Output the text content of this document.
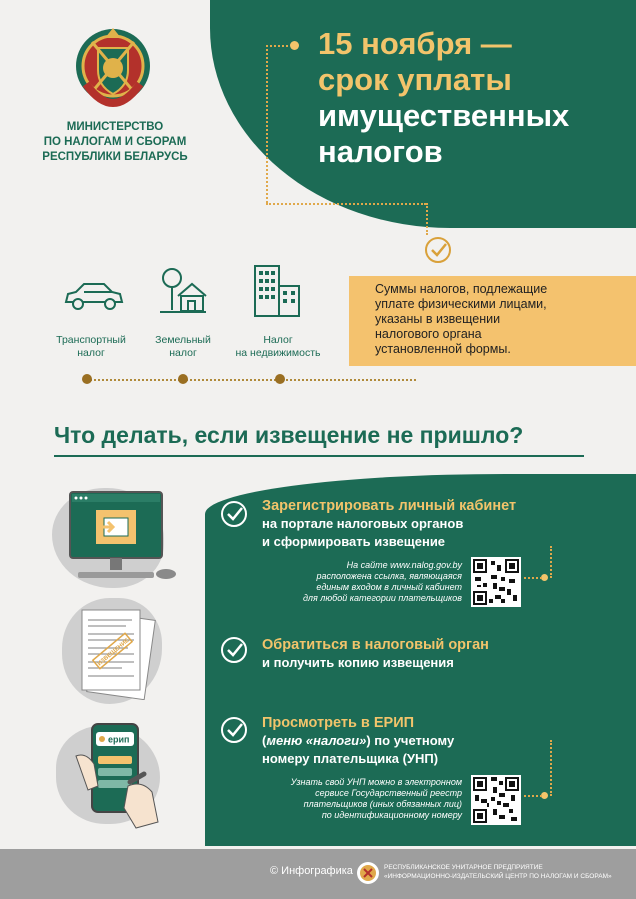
15 ноября —
срок уплаты
имущественных
налогов
МИНИСТЕРСТВО
ПО НАЛОГАМ И СБОРАМ
РЕСПУБЛИКИ БЕЛАРУСЬ
Транспортный
налог
Земельный
налог
Налог
на недвижимость
Суммы налогов, подлежащие
уплате физическими лицами,
указаны в извещении
налогового органа
установленной формы.
Что делать, если извещение не пришло?
Зарегистрировать личный кабинет
на портале налоговых органов
и сформировать извещение
На сайте www.nalog.gov.by
расположена ссылка, являющаяся
единым входом в личный кабинет
для любой категории плательщиков
Обратиться в налоговый орган
и получить копию извещения
Просмотреть в ЕРИП
(меню «налоги») по учетному
номеру плательщика (УНП)
Узнать свой УНП можно в электронном
сервисе Государственный реестр
плательщиков (иных обязанных лиц)
по идентификационному номеру
ИЗВЕЩЕНИЕ
ерип
© Инфографика	РЕСПУБЛИКАНСКОЕ УНИТАРНОЕ ПРЕДПРИЯТИЕ
«ИНФОРМАЦИОННО-ИЗДАТЕЛЬСКИЙ ЦЕНТР ПО НАЛОГАМ И СБОРАМ»
